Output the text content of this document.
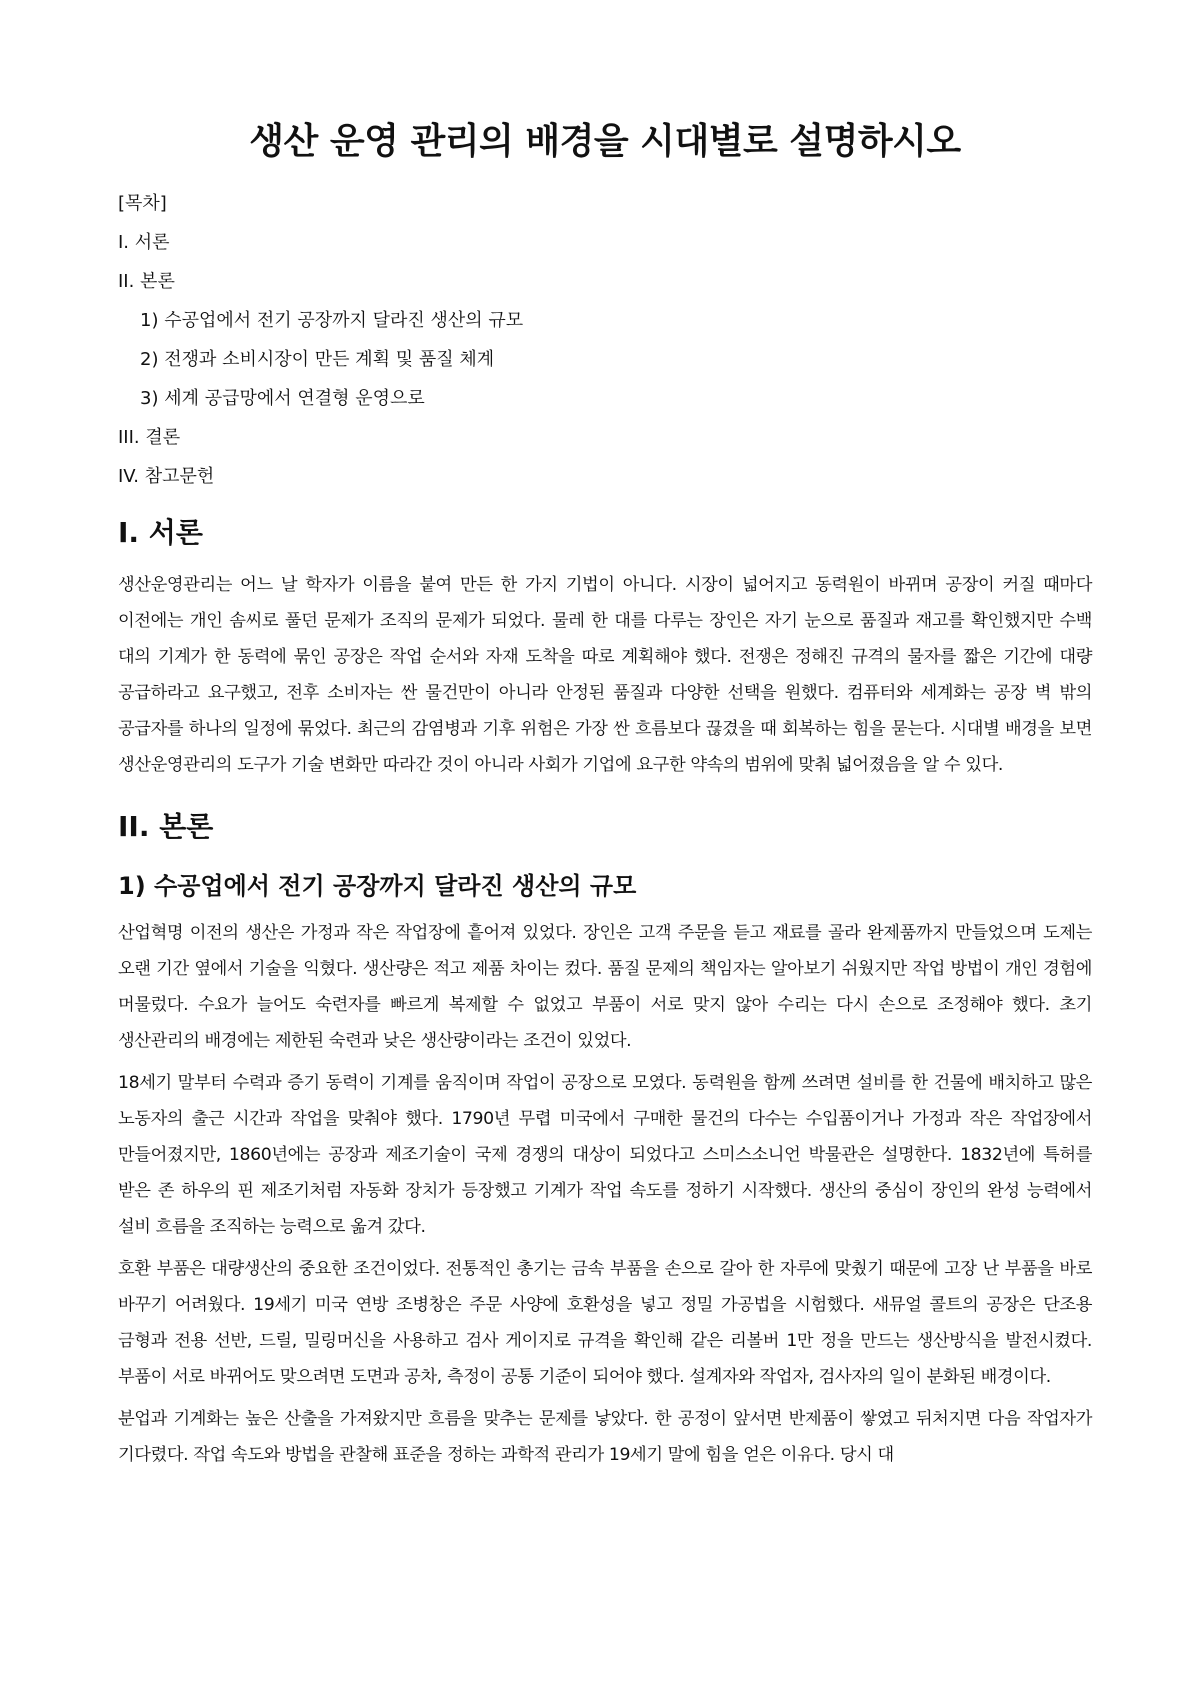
생산 운영 관리의 배경을 시대별로 설명하시오
[목차]
I. 서론
II. 본론
1) 수공업에서 전기 공장까지 달라진 생산의 규모
2) 전쟁과 소비시장이 만든 계획 및 품질 체계
3) 세계 공급망에서 연결형 운영으로
III. 결론
IV. 참고문헌
I. 서론

생산운영관리는 어느 날 학자가 이름을 붙여 만든 한 가지 기법이 아니다. 시장이 넓어지고 동력원이 바뀌며 공장이 커질 때마다 이전에는 개인 솜씨로 풀던 문제가 조직의 문제가 되었다. 물레 한 대를 다루는 장인은 자기 눈으로 품질과 재고를 확인했지만 수백 대의 기계가 한 동력에 묶인 공장은 작업 순서와 자재 도착을 따로 계획해야 했다. 전쟁은 정해진 규격의 물자를 짧은 기간에 대량 공급하라고 요구했고, 전후 소비자는 싼 물건만이 아니라 안정된 품질과 다양한 선택을 원했다. 컴퓨터와 세계화는 공장 벽 밖의 공급자를 하나의 일정에 묶었다. 최근의 감염병과 기후 위험은 가장 싼 흐름보다 끊겼을 때 회복하는 힘을 묻는다. 시대별 배경을 보면 생산운영관리의 도구가 기술 변화만 따라간 것이 아니라 사회가 기업에 요구한 약속의 범위에 맞춰 넓어졌음을 알 수 있다.

II. 본론
1) 수공업에서 전기 공장까지 달라진 생산의 규모

산업혁명 이전의 생산은 가정과 작은 작업장에 흩어져 있었다. 장인은 고객 주문을 듣고 재료를 골라 완제품까지 만들었으며 도제는 오랜 기간 옆에서 기술을 익혔다. 생산량은 적고 제품 차이는 컸다. 품질 문제의 책임자는 알아보기 쉬웠지만 작업 방법이 개인 경험에 머물렀다. 수요가 늘어도 숙련자를 빠르게 복제할 수 없었고 부품이 서로 맞지 않아 수리는 다시 손으로 조정해야 했다. 초기 생산관리의 배경에는 제한된 숙련과 낮은 생산량이라는 조건이 있었다.

18세기 말부터 수력과 증기 동력이 기계를 움직이며 작업이 공장으로 모였다. 동력원을 함께 쓰려면 설비를 한 건물에 배치하고 많은 노동자의 출근 시간과 작업을 맞춰야 했다. 1790년 무렵 미국에서 구매한 물건의 다수는 수입품이거나 가정과 작은 작업장에서 만들어졌지만, 1860년에는 공장과 제조기술이 국제 경쟁의 대상이 되었다고 스미스소니언 박물관은 설명한다. 1832년에 특허를 받은 존 하우의 핀 제조기처럼 자동화 장치가 등장했고 기계가 작업 속도를 정하기 시작했다. 생산의 중심이 장인의 완성 능력에서 설비 흐름을 조직하는 능력으로 옮겨 갔다.

호환 부품은 대량생산의 중요한 조건이었다. 전통적인 총기는 금속 부품을 손으로 갈아 한 자루에 맞췄기 때문에 고장 난 부품을 바로 바꾸기 어려웠다. 19세기 미국 연방 조병창은 주문 사양에 호환성을 넣고 정밀 가공법을 시험했다. 새뮤얼 콜트의 공장은 단조용 금형과 전용 선반, 드릴, 밀링머신을 사용하고 검사 게이지로 규격을 확인해 같은 리볼버 1만 정을 만드는 생산방식을 발전시켰다. 부품이 서로 바뀌어도 맞으려면 도면과 공차, 측정이 공통 기준이 되어야 했다. 설계자와 작업자, 검사자의 일이 분화된 배경이다.

분업과 기계화는 높은 산출을 가져왔지만 흐름을 맞추는 문제를 낳았다. 한 공정이 앞서면 반제품이 쌓였고 뒤처지면 다음 작업자가 기다렸다. 작업 속도와 방법을 관찰해 표준을 정하는 과학적 관리가 19세기 말에 힘을 얻은 이유다. 당시 대
